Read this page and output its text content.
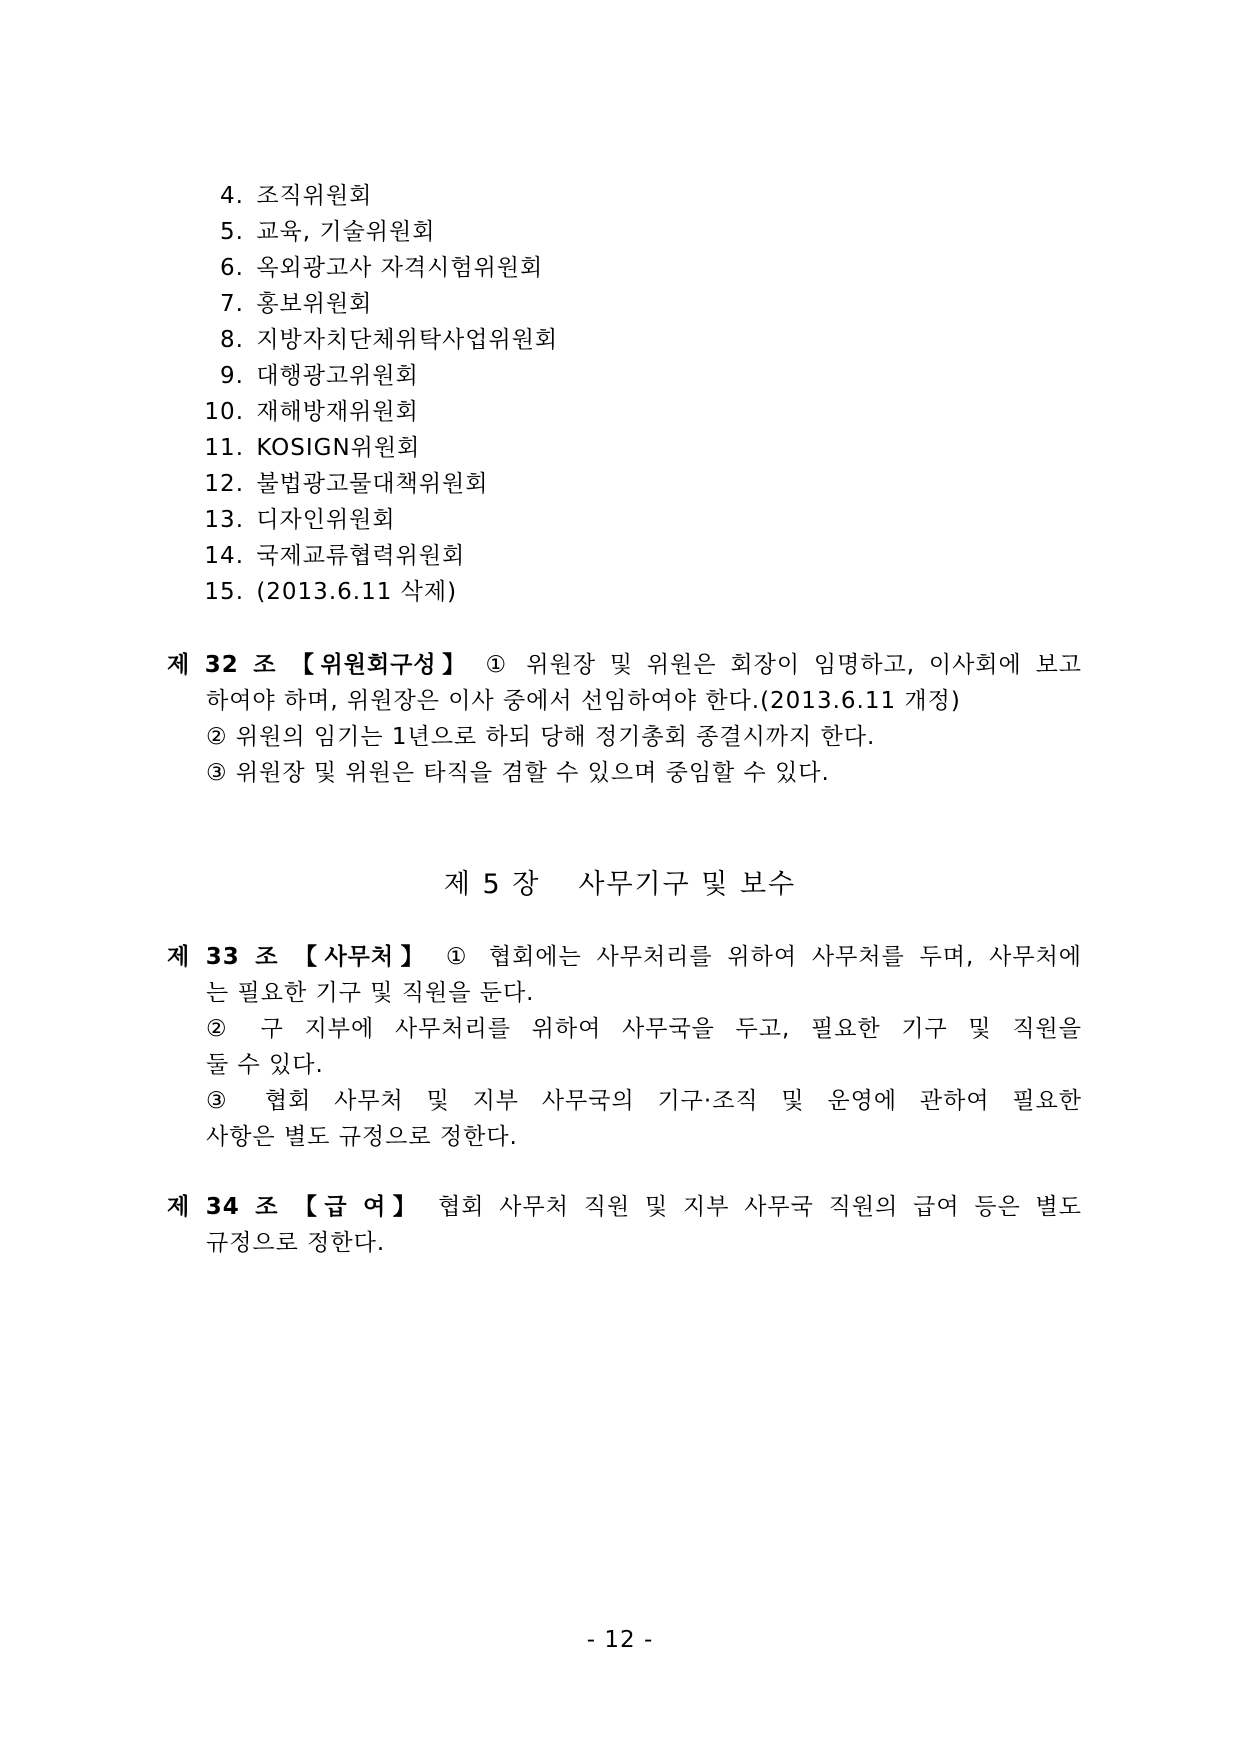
4. 조직위원회
5. 교육, 기술위원회
6. 옥외광고사 자격시험위원회
7. 홍보위원회
8. 지방자치단체위탁사업위원회
9. 대행광고위원회
10. 재해방재위원회
11. KOSIGN위원회
12. 불법광고물대책위원회
13. 디자인위원회
14. 국제교류협력위원회
15. (2013.6.11 삭제)
제 32 조 【위원회구성】 ① 위원장 및 위원은 회장이 임명하고, 이사회에 보고
하여야 하며, 위원장은 이사 중에서 선임하여야 한다.(2013.6.11 개정)
② 위원의 임기는 1년으로 하되 당해 정기총회 종결시까지 한다.
③ 위원장 및 위원은 타직을 겸할 수 있으며 중임할 수 있다.
제 5 장 사무기구 및 보수
제 33 조 【사무처】 ① 협회에는 사무처리를 위하여 사무처를 두며, 사무처에
는 필요한 기구 및 직원을 둔다.
② 구 지부에 사무처리를 위하여 사무국을 두고, 필요한 기구 및 직원을
둘 수 있다.
③ 협회 사무처 및 지부 사무국의 기구·조직 및 운영에 관하여 필요한
사항은 별도 규정으로 정한다.
제 34 조 【급 여】 협회 사무처 직원 및 지부 사무국 직원의 급여 등은 별도
규정으로 정한다.
- 12 -
